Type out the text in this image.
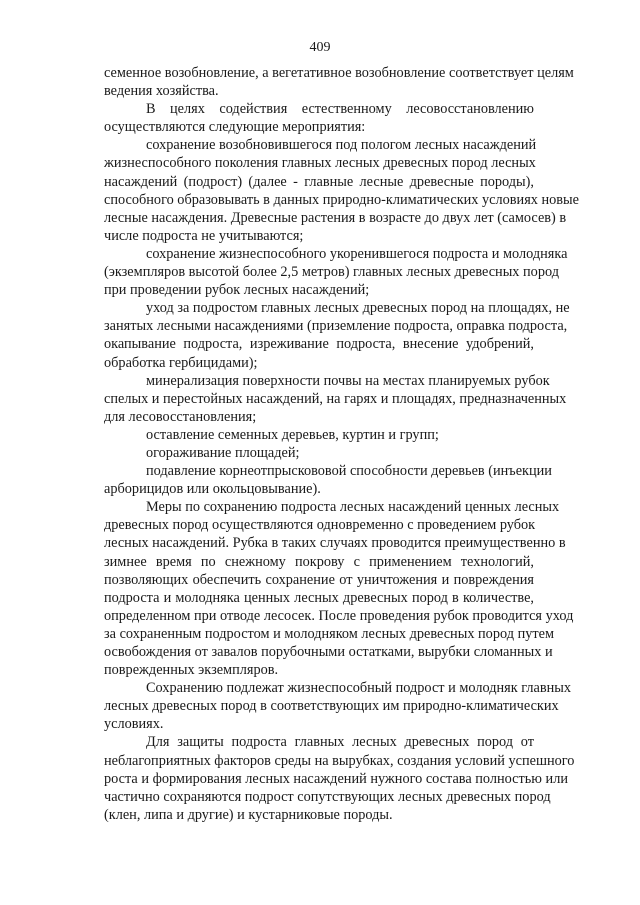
409
семенное возобновление, а вегетативное возобновление соответствует целям
ведения хозяйства.
В целях содействия естественному лесовосстановлению
осуществляются следующие мероприятия:
сохранение возобновившегося под пологом лесных насаждений
жизнеспособного поколения главных лесных древесных пород лесных
насаждений (подрост) (далее - главные лесные древесные породы),
способного образовывать в данных природно-климатических условиях новые
лесные насаждения. Древесные растения в возрасте до двух лет (самосев) в
числе подроста не учитываются;
сохранение жизнеспособного укоренившегося подроста и молодняка
(экземпляров высотой более 2,5 метров) главных лесных древесных пород
при проведении рубок лесных насаждений;
уход за подростом главных лесных древесных пород на площадях, не
занятых лесными насаждениями (приземление подроста, оправка подроста,
окапывание подроста, изреживание подроста, внесение удобрений,
обработка гербицидами);
минерализация поверхности почвы на местах планируемых рубок
спелых и перестойных насаждений, на гарях и площадях, предназначенных
для лесовосстановления;
оставление семенных деревьев, куртин и групп;
огораживание площадей;
подавление корнеотпрыскововой способности деревьев (инъекции
арборицидов или окольцовывание).
Меры по сохранению подроста лесных насаждений ценных лесных
древесных пород осуществляются одновременно с проведением рубок
лесных насаждений. Рубка в таких случаях проводится преимущественно в
зимнее время по снежному покрову с применением технологий,
позволяющих обеспечить сохранение от уничтожения и повреждения
подроста и молодняка ценных лесных древесных пород в количестве,
определенном при отводе лесосек. После проведения рубок проводится уход
за сохраненным подростом и молодняком лесных древесных пород путем
освобождения от завалов порубочными остатками, вырубки сломанных и
поврежденных экземпляров.
Сохранению подлежат жизнеспособный подрост и молодняк главных
лесных древесных пород в соответствующих им природно-климатических
условиях.
Для защиты подроста главных лесных древесных пород от
неблагоприятных факторов среды на вырубках, создания условий успешного
роста и формирования лесных насаждений нужного состава полностью или
частично сохраняются подрост сопутствующих лесных древесных пород
(клен, липа и другие) и кустарниковые породы.
